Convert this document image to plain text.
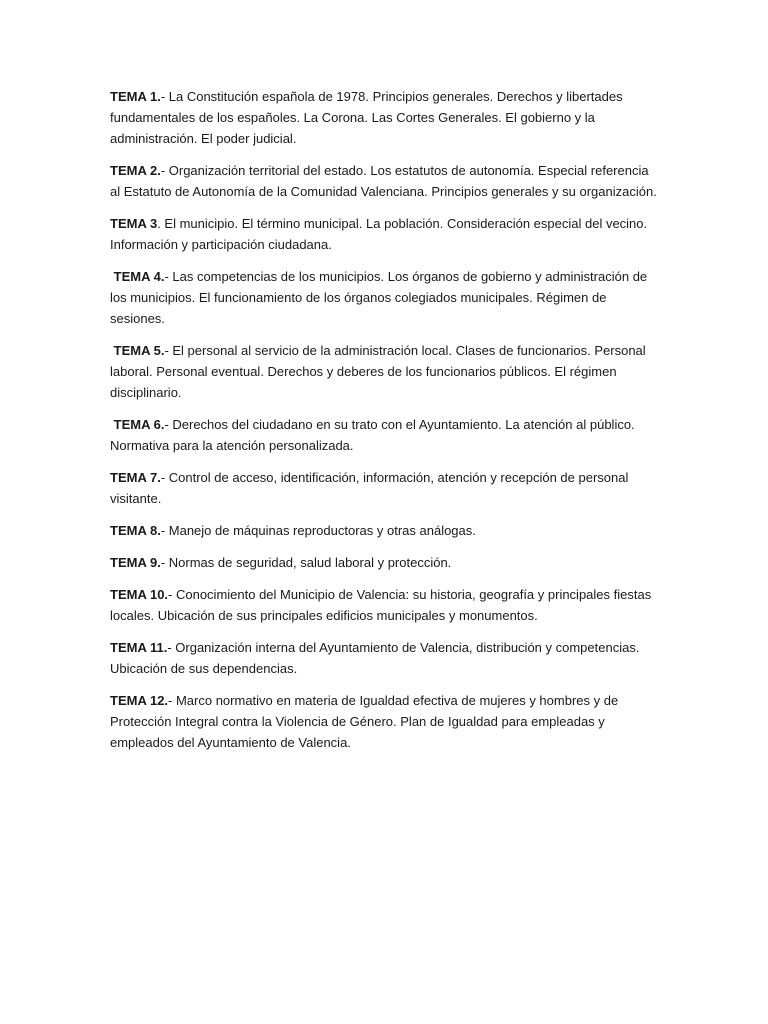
TEMA 1.- La Constitución española de 1978. Principios generales. Derechos y libertades fundamentales de los españoles. La Corona. Las Cortes Generales. El gobierno y la administración. El poder judicial.

TEMA 2.- Organización territorial del estado. Los estatutos de autonomía. Especial referencia al Estatuto de Autonomía de la Comunidad Valenciana. Principios generales y su organización.

TEMA 3. El municipio. El término municipal. La población. Consideración especial del vecino. Información y participación ciudadana.

TEMA 4.- Las competencias de los municipios. Los órganos de gobierno y administración de los municipios. El funcionamiento de los órganos colegiados municipales. Régimen de sesiones.

TEMA 5.- El personal al servicio de la administración local. Clases de funcionarios. Personal laboral. Personal eventual. Derechos y deberes de los funcionarios públicos. El régimen disciplinario.

TEMA 6.- Derechos del ciudadano en su trato con el Ayuntamiento. La atención al público. Normativa para la atención personalizada.

TEMA 7.- Control de acceso, identificación, información, atención y recepción de personal visitante.

TEMA 8.- Manejo de máquinas reproductoras y otras análogas.

TEMA 9.- Normas de seguridad, salud laboral y protección.

TEMA 10.- Conocimiento del Municipio de Valencia: su historia, geografía y principales fiestas locales. Ubicación de sus principales edificios municipales y monumentos.

TEMA 11.- Organización interna del Ayuntamiento de Valencia, distribución y competencias. Ubicación de sus dependencias.

TEMA 12.- Marco normativo en materia de Igualdad efectiva de mujeres y hombres y de Protección Integral contra la Violencia de Género. Plan de Igualdad para empleadas y empleados del Ayuntamiento de Valencia.
